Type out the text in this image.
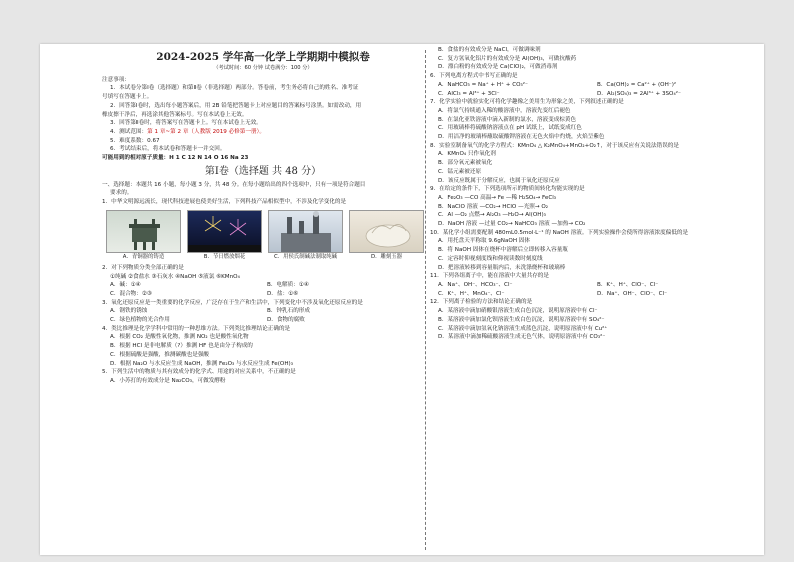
2024-2025 学年高一化学上学期期中模拟卷
（考试时间：60 分钟 试卷满分：100 分）
注意事项：
1．本试卷分第Ⅰ卷（选择题）和第Ⅱ卷（非选择题）两部分。答卷前，考生务必将自己的姓名、准考证
号填写在答题卡上。
2．回答第Ⅰ卷时，选出每小题答案后，用 2B 铅笔把答题卡上对应题目的答案标号涂黑。如需改动，用
橡皮擦干净后，再选涂其他答案标号。写在本试卷上无效。
3．回答第Ⅱ卷时，将答案写在答题卡上。写在本试卷上无效。
4．测试范围：第 1 章~第 2 章（人教版 2019 必修第一册）。
5．难度系数：0.67
6．考试结束后，将本试卷和答题卡一并交回。
可能用到的相对原子质量：H 1 C 12 N 14 O 16 Na 23
第Ⅰ卷（选择题 共 48 分）
一、选择题：本题共 16 小题，每小题 3 分，共 48 分。在每小题给出的四个选项中，只有一项是符合题目
要求的。
1．中华文明源远流长，现代科技进展也使美好生活，下列科技产品相似型中，不涉及化学变化的是
A．青铜器的铸造	B．节日燃放烟花	C．用侯氏制碱法制取纯碱	D．雕刻玉器
2．对下列物质分类全部正确的是
①纯碱 ②食盐水 ③石灰水 ④NaOH ⑤液氯 ⑥KMnO₄
A．碱：①④	B．电解质：①④
C．混合物：②③	D．盐：①⑥
3．氧化还原反应是一类重要的化学反应，广泛存在于生产和生活中，下列变化中不涉及氧化还原反应的是
A．钢铁的锈蚀	B．钟乳石的形成
C．绿色植物的光合作用	D．食物的腐败
4．类比推理是化学学科中常用的一种思维方法。下列类比推理结论正确的是
A．根据 CO₂ 是酸性氧化物，推测 NO₂ 也是酸性氧化物
B．根据 HCl 是非电解质（?）推测 HF 也是由分子构成的
C．根据硫酸是强酸，推测碳酸也是强酸
D．根据 Na₂O 与水反应生成 NaOH，推测 Fe₂O₃ 与水反应生成 Fe(OH)₃
5．下列生活中的物质与其有效成分的化学式、用途的对应关系中，不正确的是
A．小苏打的有效成分是 Na₂CO₃，可做发酵粉
B．食盐的有效成分是 NaCl，可做调味剂
C．复方氢氧化铝片的有效成分是 Al(OH)₃，可做抗酸药
D．漂白粉的有效成分是 Ca(ClO)₂，可做消毒剂
6．下列电离方程式中书写正确的是
A．NaHCO₃ = Na⁺ + H⁺ + CO₃²⁻	B．Ca(OH)₂ = Ca²⁺ + (OH⁻)²
C．AlCl₃ = Al³⁺ + 3Cl⁻	D．Al₂(SO₄)₃ = 2Al³⁺ + 3SO₄²⁻
7．化学实验中就验实化可将化学趣像之美用生为形象之美，下列叙述正确的是
A．将氯气持续通入稀的酸溶液中，溶液先变红后褪色
B．在氯化亚铁溶液中滴入新制的氯水，溶液变成棕黄色
C．用玻璃棒将硫酸钠溶液点在 pH 试纸上，试纸变成红色
D．用洁净的玻璃棒蘸取硫酸钾溶液在无色火焰中灼烧，火焰呈紫色
8．实验室制备氧气的化学方程式：KMnO₄ △ K₂MnO₄+MnO₂+O₂↑，对于该反应有关说法错误的是
A．KMnO₄ 只作氧化剂
B．部分氧元素被氧化
C．锰元素被还原
D．该反应既属于分解反应，也属于氧化还原反应
9．在给定的条件下，下列选项所示的物质间转化均能实现的是
A．Fe₂O₃ —CO 高温→ Fe —稀 H₂SO₄→ FeCl₃
B．NaClO 溶液 —CO₂→ HClO —光照→ O₂
C．Al —O₂ 点燃→ Al₂O₃ —H₂O→ Al(OH)₃
D．NaOH 溶液 —过量 CO₂→ NaHCO₃ 溶液 —加热→ CO₂
10．某化学小组需要配制 480mL0.5mol·L⁻¹ 的 NaOH 溶液。下列实验操作会使所得溶液浓度偏低的是
A．用托盘天平称取 9.6gNaOH 固体
B．将 NaOH 固体在烧杯中溶解后立即转移入容量瓶
C．定容时仰视刻度线和仰视读数时刻度线
D．把溶液转移到容量瓶内后，未洗涤烧杯和玻璃棒
11．下列各组离子中，能在溶液中大量共存的是
A．Na⁺、OH⁻、HCO₃⁻、Cl⁻	B．K⁺、H⁺、ClO⁻、Cl⁻
C．K⁺、H⁺、MnO₄⁻、Cl⁻	D．Na⁺、OH⁻、ClO⁻、Cl⁻
12．下列离子检验的方法和结论正确的是
A．某溶液中滴加硝酸银溶液生成白色沉淀，说明原溶液中有 Cl⁻
B．某溶液中滴加氯化钡溶液生成白色沉淀，说明原溶液中有 SO₄²⁻
C．某溶液中滴加氢氧化钠溶液生成蓝色沉淀，说明原溶液中有 Cu²⁺
D．某溶液中滴加稀硫酸溶液生成无色气体，说明原溶液中有 CO₃²⁻
